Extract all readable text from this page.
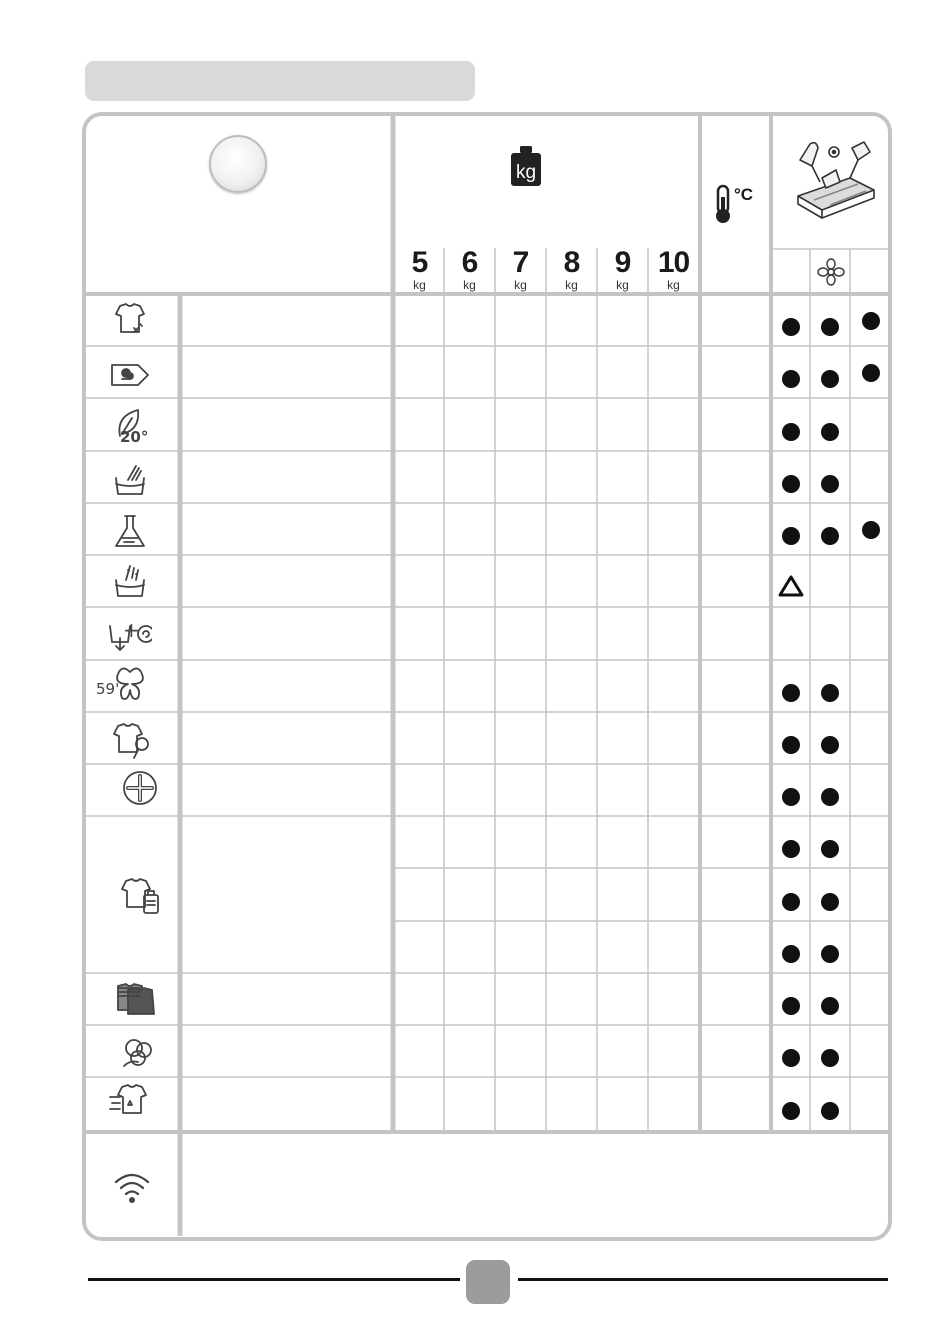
kg
5
kg
6
kg
7
kg
8
kg
9
kg
10
kg
°C
20°
+
59'
